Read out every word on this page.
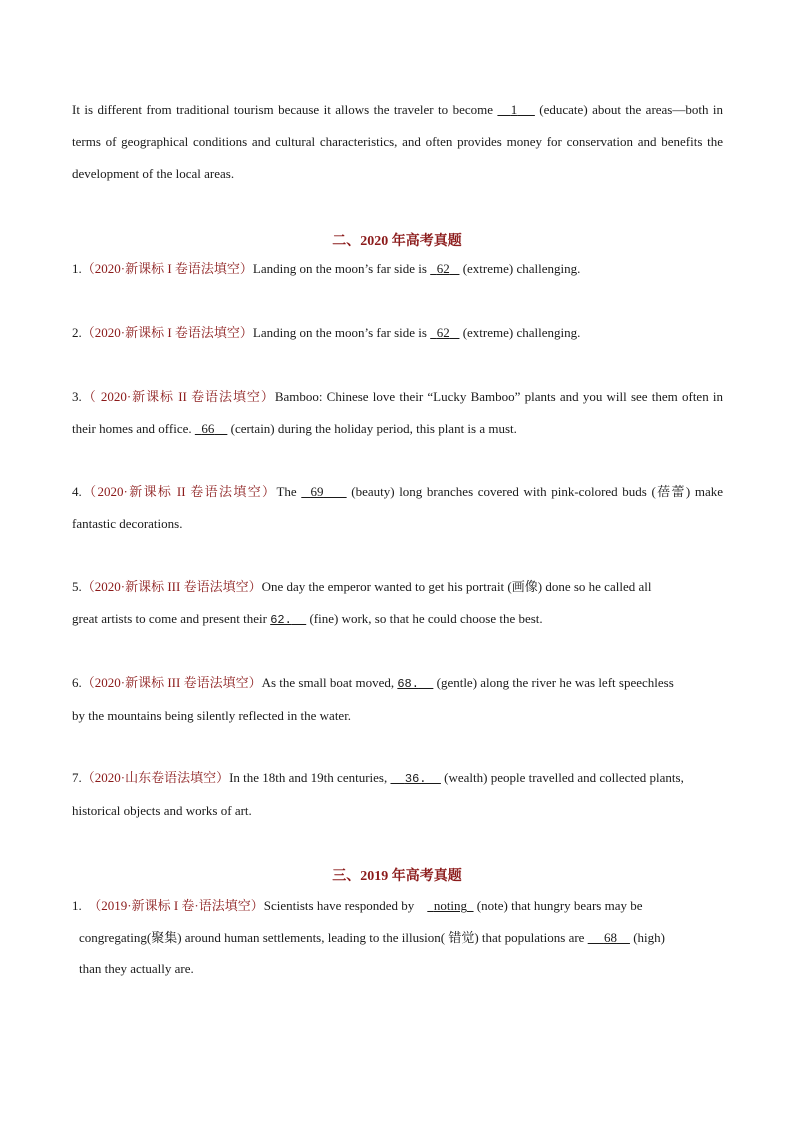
It is different from traditional tourism because it allows the traveler to become 1 (educate) about the areas—both in terms of geographical conditions and cultural characteristics, and often provides money for conservation and benefits the development of the local areas.

二、2020 年高考真题

1.（2020·新课标 I 卷语法填空）Landing on the moon’s far side is 62 (extreme) challenging.

2.（2020·新课标 I 卷语法填空）Landing on the moon’s far side is 62 (extreme) challenging.

3.（ 2020·新课标 II 卷语法填空）Bamboo: Chinese love their “Lucky Bamboo” plants and you will see them often in their homes and office. 66 (certain) during the holiday period, this plant is a must.

4.（2020·新课标 II 卷语法填空）The 69 (beauty) long branches covered with pink-colored buds (蓓蕾) make fantastic decorations.

5.（2020·新课标 III 卷语法填空）One day the emperor wanted to get his portrait (画像) done so he called all
great artists to come and present their 62. (fine) work, so that he could choose the best.

6.（2020·新课标 III 卷语法填空）As the small boat moved, 68. (gentle) along the river he was left speechless
by the mountains being silently reflected in the water.

7.（2020·山东卷语法填空）In the 18th and 19th centuries, 36. (wealth) people travelled and collected plants,
historical objects and works of art.

三、2019 年高考真题

1. （2019·新课标 I 卷·语法填空）Scientists have responded by noting (note) that hungry bears may be

congregating(聚集) around human settlements, leading to the illusion( 错觉) that populations are 68 (high)
than they actually are.
